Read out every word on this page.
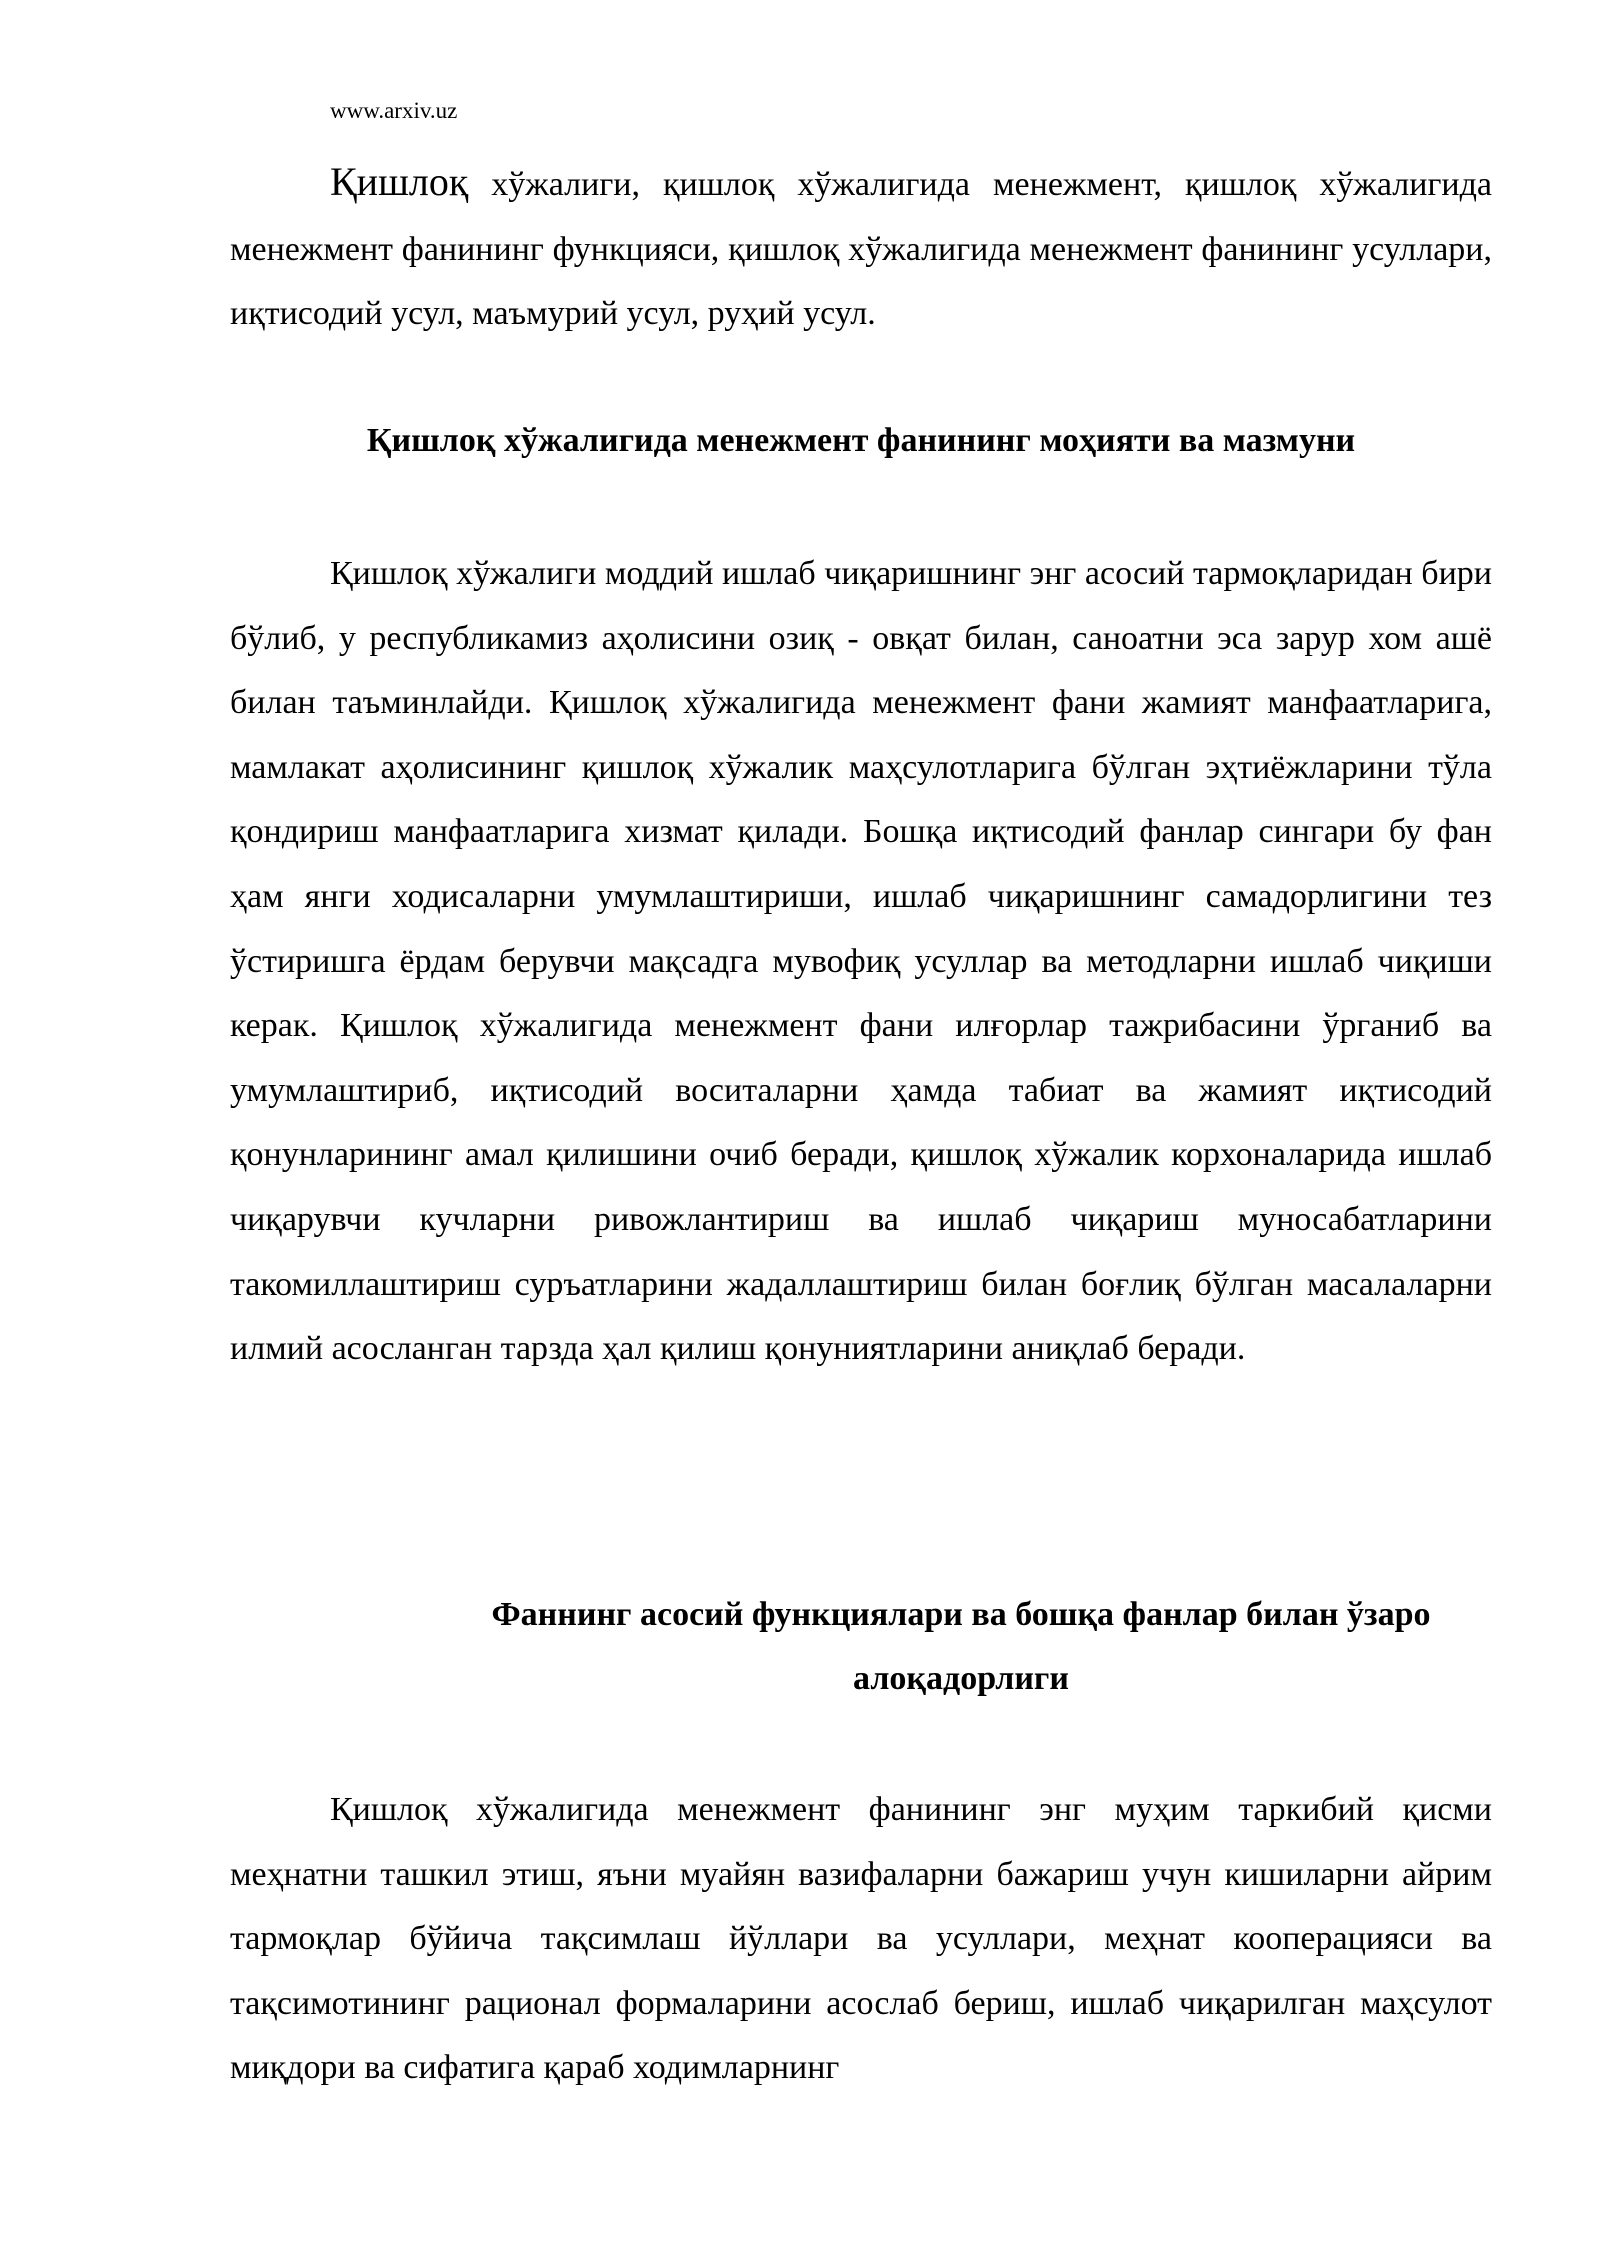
www.arxiv.uz

Қишлоқ хўжалиги, қишлоқ хўжалигида менежмент, қишлоқ хўжалигида менежмент фанининг функцияси, қишлоқ хўжалигида менежмент фанининг усуллари, иқтисодий усул, маъмурий усул, руҳий усул.

Қишлоқ хўжалигида менежмент фанининг моҳияти ва мазмуни

Қишлоқ хўжалиги моддий ишлаб чиқаришнинг энг асосий тармоқларидан бири бўлиб, у республикамиз аҳолисини озиқ - овқат билан, саноатни эса зарур хом ашё билан таъминлайди. Қишлоқ хўжалигида менежмент фани жамият манфаатларига, мамлакат аҳолисининг қишлоқ хўжалик маҳсулотларига бўлган эҳтиёжларини тўла қондириш манфаатларига хизмат қилади. Бошқа иқтисодий фанлар сингари бу фан ҳам янги ходисаларни умумлаштириши, ишлаб чиқаришнинг самадорлигини тез ўстиришга ёрдам берувчи мақсадга мувофиқ усуллар ва методларни ишлаб чиқиши керак. Қишлоқ хўжалигида менежмент фани илғорлар тажрибасини ўрганиб ва умумлаштириб, иқтисодий воситаларни ҳамда табиат ва жамият иқтисодий қонунларининг амал қилишини очиб беради, қишлоқ хўжалик корхоналарида ишлаб чиқарувчи кучларни ривожлантириш ва ишлаб чиқариш муносабатларини такомиллаштириш суръатларини жадаллаштириш билан боғлиқ бўлган масалаларни илмий асосланган тарзда ҳал қилиш қонуниятларини аниқлаб беради.

Фаннинг асосий функциялари ва бошқа фанлар билан ўзаро
алоқадорлиги

Қишлоқ хўжалигида менежмент фанининг энг муҳим таркибий қисми меҳнатни ташкил этиш, яъни муайян вазифаларни бажариш учун кишиларни айрим тармоқлар бўйича тақсимлаш йўллари ва усуллари, меҳнат кооперацияси ва тақсимотининг рационал формаларини асослаб бериш, ишлаб чиқарилган маҳсулот миқдори ва сифатига қараб ходимларнинг
